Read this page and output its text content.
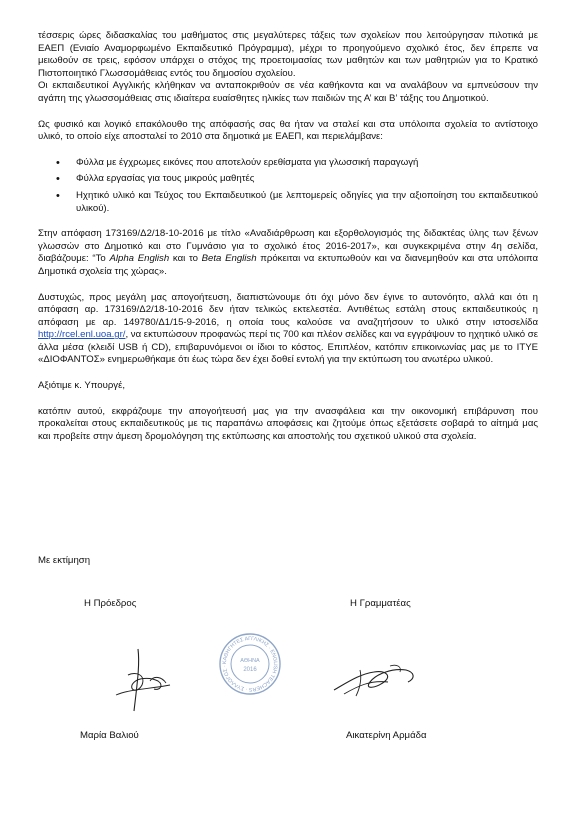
τέσσερις ώρες διδασκαλίας του μαθήματος στις μεγαλύτερες τάξεις των σχολείων που λειτούργησαν πιλοτικά με ΕΑΕΠ (Ενιαίο Αναμορφωμένο Εκπαιδευτικό Πρόγραμμα), μέχρι το προηγούμενο σχολικό έτος, δεν έπρεπε να μειωθούν σε τρεις, εφόσον υπάρχει ο στόχος της προετοιμασίας των μαθητών και των μαθητριών για το Κρατικό Πιστοποιητικό Γλωσσομάθειας εντός του δημοσίου σχολείου.

Οι εκπαιδευτικοί Αγγλικής κλήθηκαν να ανταποκριθούν σε νέα καθήκοντα και να αναλάβουν να εμπνεύσουν την αγάπη της γλωσσομάθειας στις ιδιαίτερα ευαίσθητες ηλικίες των παιδιών της Α’ και Β’ τάξης του Δημοτικού.

Ως φυσικό και λογικό επακόλουθο της απόφασής σας θα ήταν να σταλεί και στα υπόλοιπα σχολεία το αντίστοιχο υλικό, το οποίο είχε αποσταλεί το 2010 στα δημοτικά με ΕΑΕΠ, και περιελάμβανε:

• Φύλλα με έγχρωμες εικόνες που αποτελούν ερεθίσματα για γλωσσική παραγωγή
• Φύλλα εργασίας για τους μικρούς μαθητές
• Ηχητικό υλικό και Τεύχος του Εκπαιδευτικού (με λεπτομερείς οδηγίες για την αξιοποίηση του εκπαιδευτικού υλικού).

Στην απόφαση 173169/Δ2/18-10-2016 με τίτλο «Αναδιάρθρωση και εξορθολογισμός της διδακτέας ύλης των ξένων γλωσσών στο Δημοτικό και στο Γυμνάσιο για το σχολικό έτος 2016-2017», και συγκεκριμένα στην 4η σελίδα, διαβάζουμε: “Το Alpha English και το Beta English πρόκειται να εκτυπωθούν και να διανεμηθούν και στα υπόλοιπα Δημοτικά σχολεία της χώρας».

Δυστυχώς, προς μεγάλη μας απογοήτευση, διαπιστώνουμε ότι όχι μόνο δεν έγινε το αυτονόητο, αλλά και ότι η απόφαση αρ. 173169/Δ2/18-10-2016 δεν ήταν τελικώς εκτελεστέα. Αντιθέτως εστάλη στους εκπαιδευτικούς η απόφαση με αρ. 149780/Δ1/15-9-2016, η οποία τους καλούσε να αναζητήσουν το υλικό στην ιστοσελίδα http://rcel.enl.uoa.gr/, να εκτυπώσουν προφανώς περί τις 700 και πλέον σελίδες και να εγγράψουν το ηχητικό υλικό σε άλλα μέσα (κλειδί USB ή CD), επιβαρυνόμενοι οι ίδιοι το κόστος. Επιπλέον, κατόπιν επικοινωνίας μας με το ΙΤΥΕ «ΔΙΟΦΑΝΤΟΣ» ενημερωθήκαμε ότι έως τώρα δεν έχει δοθεί εντολή για την εκτύπωση του ανωτέρω υλικού.

Αξιότιμε κ. Υπουργέ,

κατόπιν αυτού, εκφράζουμε την απογοήτευσή μας για την ανασφάλεια και την οικονομική επιβάρυνση που προκαλείται στους εκπαιδευτικούς με τις παραπάνω αποφάσεις και ζητούμε όπως εξετάσετε σοβαρά το αίτημά μας και προβείτε στην άμεση δρομολόγηση της εκτύπωσης και αποστολής του σχετικού υλικού στα σχολεία.

Με εκτίμηση
Η Πρόεδρος	Η Γραμματέας
ΚΑΘΗΓΗΤΕΣ ΑΓΓΛΙΚΗΣ · ENGLISH TEACHERS · ΣΥΛΛΟΓΟΣ ·
ΑΘΗΝΑ
2016
Μαρία Βαλιού	Αικατερίνη Αρμάδα
